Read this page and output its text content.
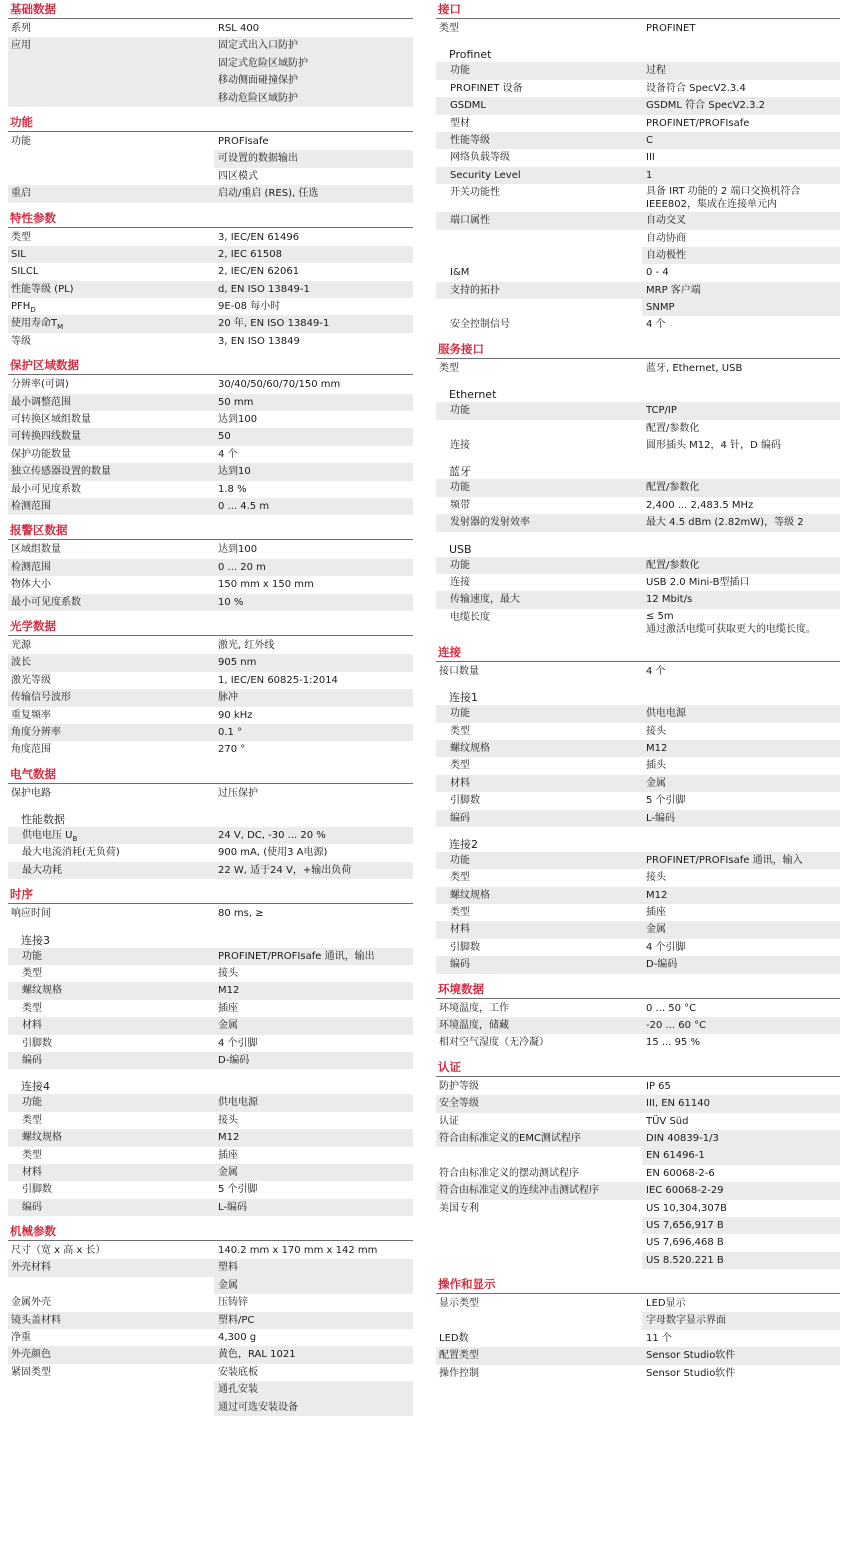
基础数据
系列	RSL 400
应用	固定式出入口防护
固定式危险区域防护
移动侧面碰撞保护
移动危险区域防护
功能
功能	PROFIsafe
可设置的数据输出
四区模式
重启	启动/重启 (RES), 任选
特性参数
类型	3, IEC/EN 61496
SIL	2, IEC 61508
SILCL	2, IEC/EN 62061
性能等级 (PL)	d, EN ISO 13849-1
$PFH_D$	9E-08 每小时
使用寿命$T_M$	20 年, EN ISO 13849-1
等级	3, EN ISO 13849
保护区域数据
分辨率(可调)	30/40/50/60/70/150 mm
最小调整范围	50 mm
可转换区域组数量	达到100
可转换四线数量	50
保护功能数量	4 个
独立传感器设置的数量	达到10
最小可见度系数	1.8 %
检测范围	0 ... 4.5 m
报警区数据
区域组数量	达到100
检测范围	0 ... 20 m
物体大小	150 mm x 150 mm
最小可见度系数	10 %
光学数据
光源	激光, 红外线
波长	905 nm
激光等级	1, IEC/EN 60825-1:2014
传输信号波形	脉冲
重复频率	90 kHz
角度分辨率	0.1 °
角度范围	270 °
电气数据
保护电路	过压保护
性能数据
供电电压 $U_B$	24 V, DC, -30 ... 20 %
最大电流消耗(无负荷)	900 mA, (使用3 A电源)
最大功耗	22 W, 适于24 V，+输出负荷
时序
响应时间	80 ms, ≥
连接3
功能	PROFINET/PROFIsafe 通讯，输出
类型	接头
螺纹规格	M12
类型	插座
材料	金属
引脚数	4 个引脚
编码	D-编码
连接4
功能	供电电源
类型	接头
螺纹规格	M12
类型	插座
材料	金属
引脚数	5 个引脚
编码	L-编码
机械参数
尺寸（宽 x 高 x 长）	140.2 mm x 170 mm x 142 mm
外壳材料	塑料
金属
金属外壳	压铸锌
镜头盖材料	塑料/PC
净重	4,300 g
外壳颜色	黄色，RAL 1021
紧固类型	安装底板
通孔安装
通过可选安装设备
接口
类型	PROFINET
Profinet
功能	过程
PROFINET 设备	设备符合 SpecV2.3.4
GSDML	GSDML 符合 SpecV2.3.2
型材	PROFINET/PROFIsafe
性能等级	C
网络负载等级	III
Security Level	1
开关功能性	具备 IRT 功能的 2 端口交换机符合
IEEE802，集成在连接单元内
端口属性	自动交叉
自动协商
自动极性
I&M	0 - 4
支持的拓扑	MRP 客户端
SNMP
安全控制信号	4 个
服务接口
类型	蓝牙, Ethernet, USB
Ethernet
功能	TCP/IP
配置/参数化
连接	圆形插头 M12，4 针，D 编码
蓝牙
功能	配置/参数化
频带	2,400 ... 2,483.5 MHz
发射器的发射效率	最大 4.5 dBm (2.82mW)，等级 2
USB
功能	配置/参数化
连接	USB 2.0 Mini-B型插口
传输速度，最大	12 Mbit/s
电缆长度	≤ 5m
通过激活电缆可获取更大的电缆长度。
连接
接口数量	4 个
连接1
功能	供电电源
类型	接头
螺纹规格	M12
类型	插头
材料	金属
引脚数	5 个引脚
编码	L-编码
连接2
功能	PROFINET/PROFIsafe 通讯，输入
类型	接头
螺纹规格	M12
类型	插座
材料	金属
引脚数	4 个引脚
编码	D-编码
环境数据
环境温度，工作	0 ... 50 °C
环境温度，储藏	-20 ... 60 °C
相对空气湿度（无冷凝）	15 ... 95 %
认证
防护等级	IP 65
安全等级	III, EN 61140
认证	TÜV Süd
符合由标准定义的EMC测试程序	DIN 40839-1/3
EN 61496-1
符合由标准定义的摆动测试程序	EN 60068-2-6
符合由标准定义的连续冲击测试程序	IEC 60068-2-29
美国专利	US 10,304,307B
US 7,656,917 B
US 7,696,468 B
US 8.520.221 B
操作和显示
显示类型	LED显示
字母数字显示界面
LED数	11 个
配置类型	Sensor Studio软件
操作控制	Sensor Studio软件
